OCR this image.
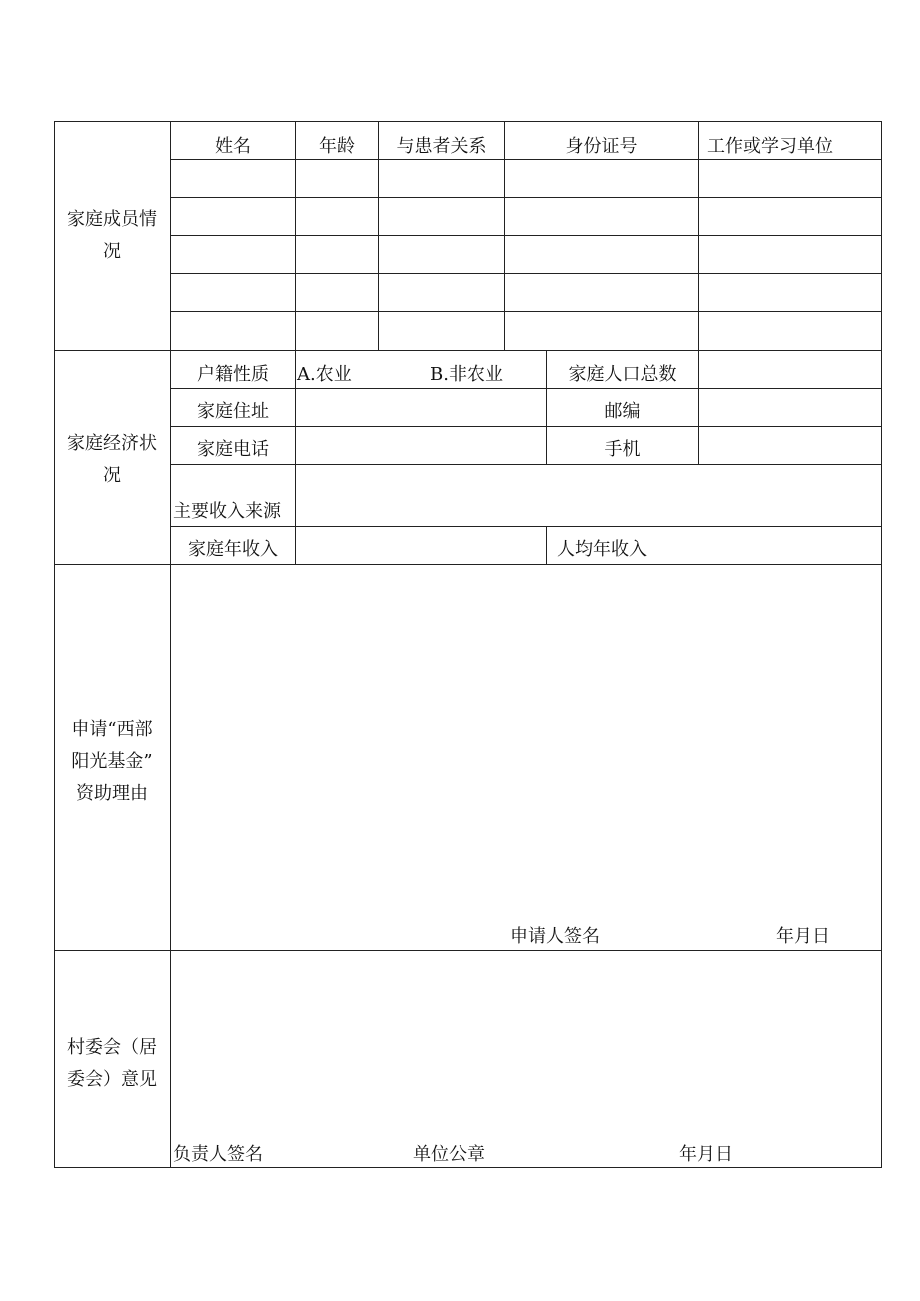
家庭成员情
况
姓名	年龄	与患者关系	身份证号	工作或学习单位
家庭经济状
况
户籍性质	A.农业	B.非农业	家庭人口总数
家庭住址	邮编
家庭电话	手机
主要收入来源
家庭年收入	人均年收入
申请“西部
阳光基金”
资助理由
申请人签名	年月日
村委会（居
委会）意见
负责人签名	单位公章	年月日
